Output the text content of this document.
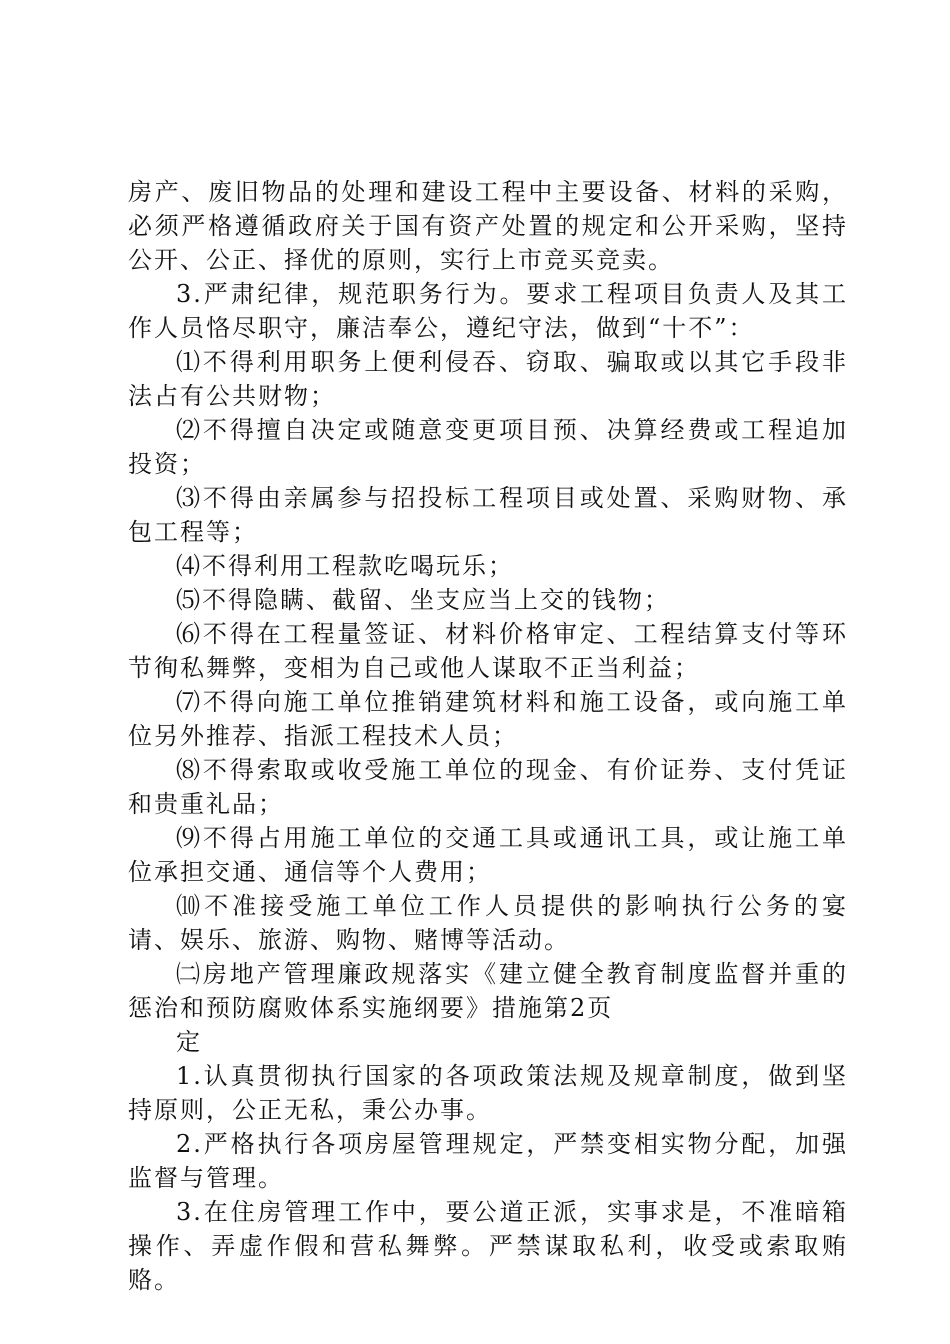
房产、废旧物品的处理和建设工程中主要设备、材料的采购，必须严格遵循政府关于国有资产处置的规定和公开采购，坚持公开、公正、择优的原则，实行上市竞买竞卖。

3.严肃纪律，规范职务行为。要求工程项目负责人及其工作人员恪尽职守，廉洁奉公，遵纪守法，做到“十不”：

⑴不得利用职务上便利侵吞、窃取、骗取或以其它手段非法占有公共财物；

⑵不得擅自决定或随意变更项目预、决算经费或工程追加投资；

⑶不得由亲属参与招投标工程项目或处置、采购财物、承包工程等；

⑷不得利用工程款吃喝玩乐；

⑸不得隐瞒、截留、坐支应当上交的钱物；

⑹不得在工程量签证、材料价格审定、工程结算支付等环节徇私舞弊，变相为自己或他人谋取不正当利益；

⑺不得向施工单位推销建筑材料和施工设备，或向施工单位另外推荐、指派工程技术人员；

⑻不得索取或收受施工单位的现金、有价证券、支付凭证和贵重礼品；

⑼不得占用施工单位的交通工具或通讯工具，或让施工单位承担交通、通信等个人费用；

⑽不准接受施工单位工作人员提供的影响执行公务的宴请、娱乐、旅游、购物、赌博等活动。

㈡房地产管理廉政规落实《建立健全教育制度监督并重的惩治和预防腐败体系实施纲要》措施第2页

定

1.认真贯彻执行国家的各项政策法规及规章制度，做到坚持原则，公正无私，秉公办事。

2.严格执行各项房屋管理规定，严禁变相实物分配，加强监督与管理。

3.在住房管理工作中，要公道正派，实事求是，不准暗箱操作、弄虚作假和营私舞弊。严禁谋取私利，收受或索取贿赂。
